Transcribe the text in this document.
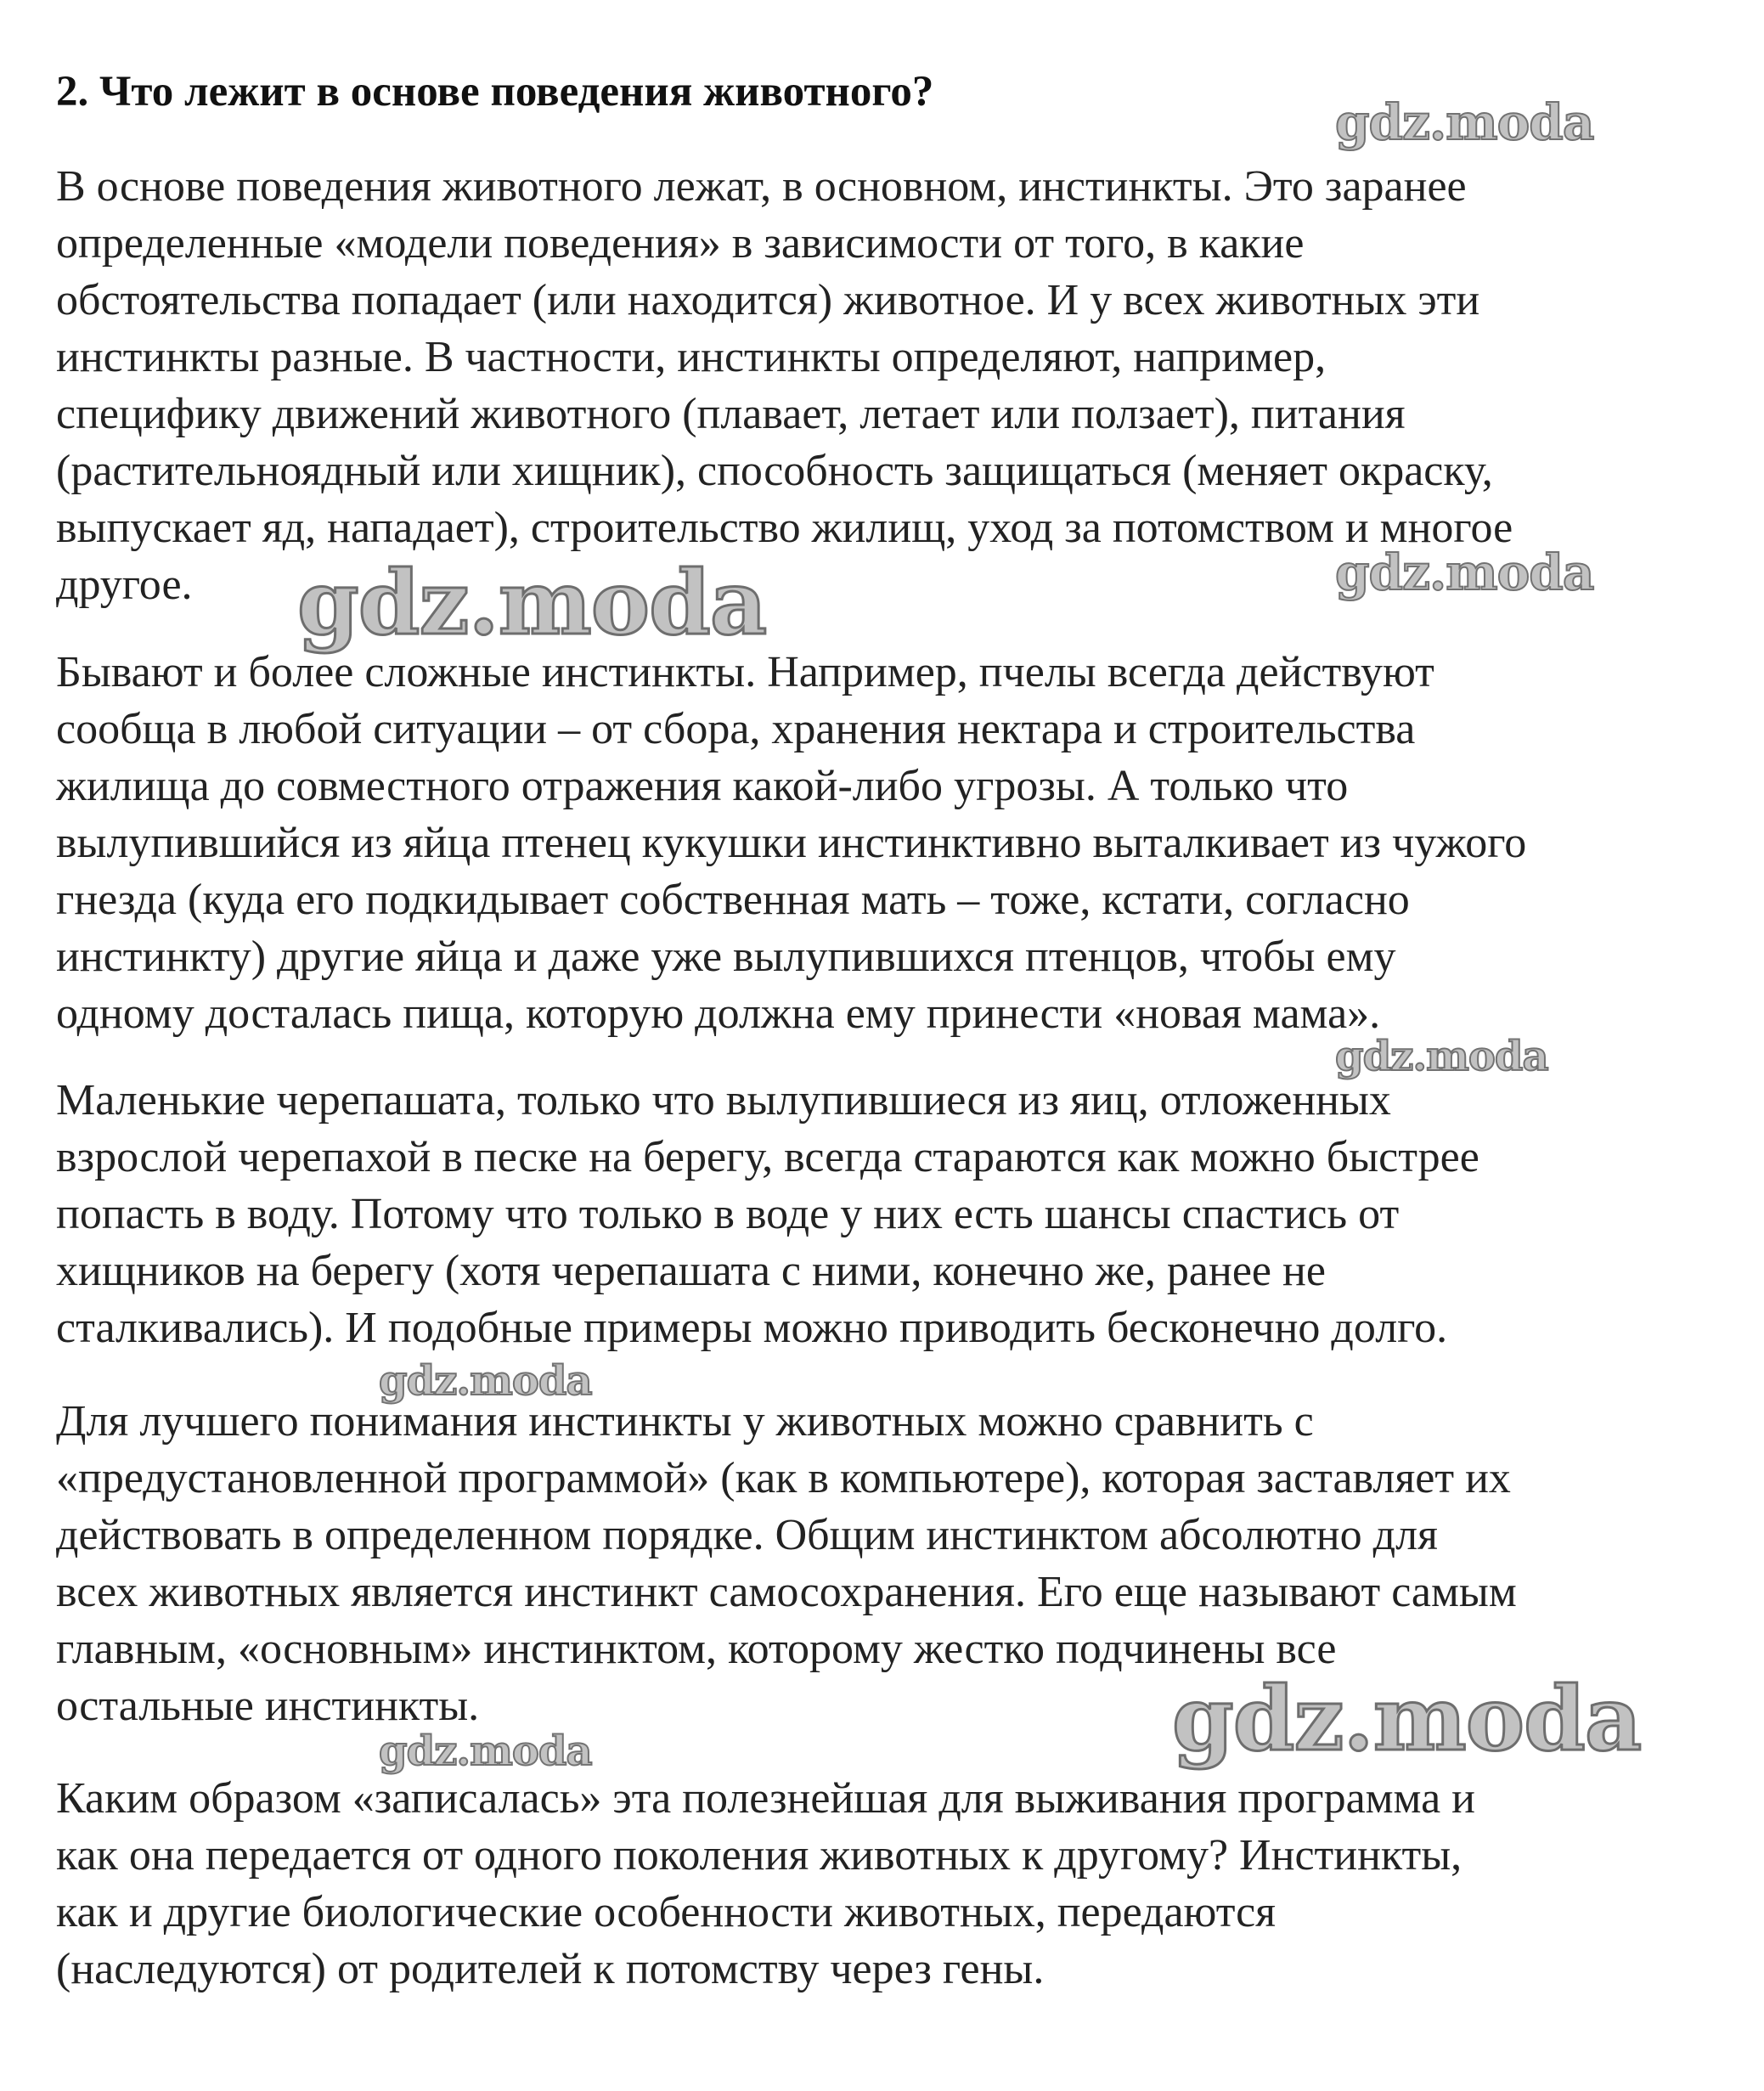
2. Что лежит в основе поведения животного?
В основе поведения животного лежат, в основном, инстинкты. Это заранее
определенные «модели поведения» в зависимости от того, в какие
обстоятельства попадает (или находится) животное. И у всех животных эти
инстинкты разные. В частности, инстинкты определяют, например,
специфику движений животного (плавает, летает или ползает), питания
(растительноядный или хищник), способность защищаться (меняет окраску,
выпускает яд, нападает), строительство жилищ, уход за потомством и многое
другое.
Бывают и более сложные инстинкты. Например, пчелы всегда действуют
сообща в любой ситуации – от сбора, хранения нектара и строительства
жилища до совместного отражения какой-либо угрозы. А только что
вылупившийся из яйца птенец кукушки инстинктивно выталкивает из чужого
гнезда (куда его подкидывает собственная мать – тоже, кстати, согласно
инстинкту) другие яйца и даже уже вылупившихся птенцов, чтобы ему
одному досталась пища, которую должна ему принести «новая мама».
Маленькие черепашата, только что вылупившиеся из яиц, отложенных
взрослой черепахой в песке на берегу, всегда стараются как можно быстрее
попасть в воду. Потому что только в воде у них есть шансы спастись от
хищников на берегу (хотя черепашата с ними, конечно же, ранее не
сталкивались). И подобные примеры можно приводить бесконечно долго.
Для лучшего понимания инстинкты у животных можно сравнить с
«предустановленной программой» (как в компьютере), которая заставляет их
действовать в определенном порядке. Общим инстинктом абсолютно для
всех животных является инстинкт самосохранения. Его еще называют самым
главным, «основным» инстинктом, которому жестко подчинены все
остальные инстинкты.
Каким образом «записалась» эта полезнейшая для выживания программа и
как она передается от одного поколения животных к другому? Инстинкты,
как и другие биологические особенности животных, передаются
(наследуются) от родителей к потомству через гены.
gdz.moda
gdz.moda
gdz.moda
gdz.moda
gdz.moda
gdz.moda
gdz.moda
